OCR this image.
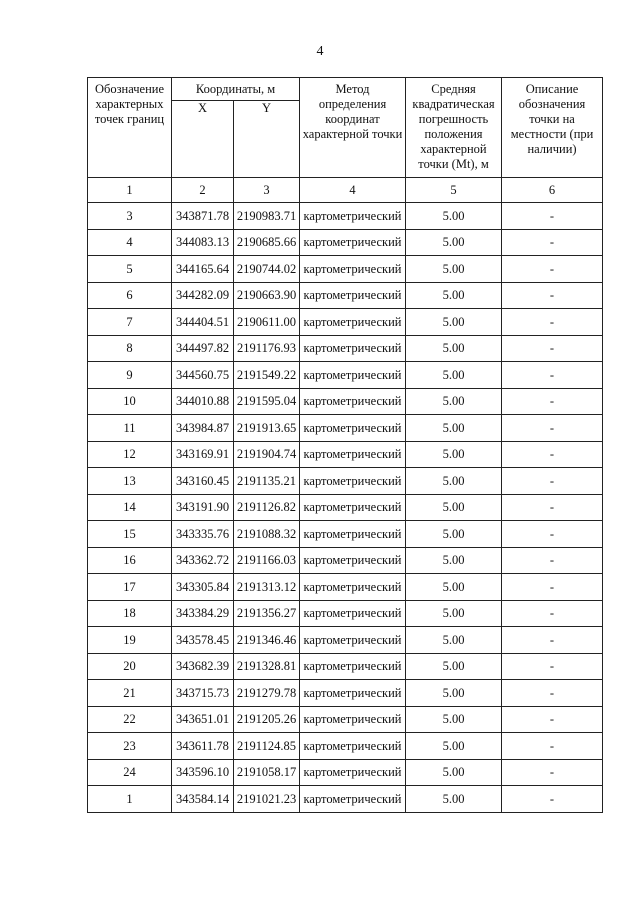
4
Обозначение характерных точек границ	Координаты, м		Метод определения координат характерной точки	Средняя квадратическая погрешность положения характерной точки (Mt), м	Описание обозначения точки на местности (при наличии)
	X	Y			
1	2	3	4	5	6
3	343871.78	2190983.71	картометрический	5.00	-
4	344083.13	2190685.66	картометрический	5.00	-
5	344165.64	2190744.02	картометрический	5.00	-
6	344282.09	2190663.90	картометрический	5.00	-
7	344404.51	2190611.00	картометрический	5.00	-
8	344497.82	2191176.93	картометрический	5.00	-
9	344560.75	2191549.22	картометрический	5.00	-
10	344010.88	2191595.04	картометрический	5.00	-
11	343984.87	2191913.65	картометрический	5.00	-
12	343169.91	2191904.74	картометрический	5.00	-
13	343160.45	2191135.21	картометрический	5.00	-
14	343191.90	2191126.82	картометрический	5.00	-
15	343335.76	2191088.32	картометрический	5.00	-
16	343362.72	2191166.03	картометрический	5.00	-
17	343305.84	2191313.12	картометрический	5.00	-
18	343384.29	2191356.27	картометрический	5.00	-
19	343578.45	2191346.46	картометрический	5.00	-
20	343682.39	2191328.81	картометрический	5.00	-
21	343715.73	2191279.78	картометрический	5.00	-
22	343651.01	2191205.26	картометрический	5.00	-
23	343611.78	2191124.85	картометрический	5.00	-
24	343596.10	2191058.17	картометрический	5.00	-
1	343584.14	2191021.23	картометрический	5.00	-
